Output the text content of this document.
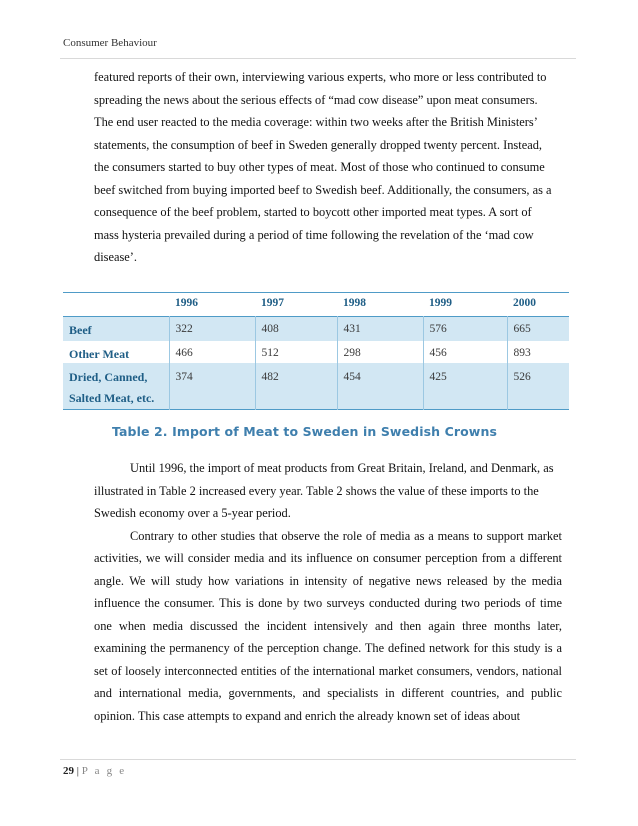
Consumer Behaviour

featured reports of their own, interviewing various experts, who more or less contributed to

spreading the news about the serious effects of “mad cow disease” upon meat consumers.

The end user reacted to the media coverage: within two weeks after the British Ministers’

statements, the consumption of beef in Sweden generally dropped twenty percent. Instead,

the consumers started to buy other types of meat. Most of those who continued to consume

beef switched from buying imported beef to Swedish beef. Additionally, the consumers, as a

consequence of the beef problem, started to boycott other imported meat types. A sort of

mass hysteria prevailed during a period of time following the revelation of the ‘mad cow

disease’.

	1996	1997	1998	1999	2000
Beef	322	408	431	576	665
Other Meat	466	512	298	456	893
Dried, Canned,
Salted Meat, etc.	374	482	454	425	526
Table 2. Import of Meat to Sweden in Swedish Crowns

Until 1996, the import of meat products from Great Britain, Ireland, and Denmark, as

illustrated in Table 2 increased every year. Table 2 shows the value of these imports to the

Swedish economy over a 5-year period.

Contrary to other studies that observe the role of media as a means to support market

activities, we will consider media and its influence on consumer perception from a different

angle. We will study how variations in intensity of negative news released by the media

influence the consumer. This is done by two surveys conducted during two periods of time

one when media discussed the incident intensively and then again three months later,

examining the permanency of the perception change. The defined network for this study is a

set of loosely interconnected entities of the international market consumers, vendors, national

and international media, governments, and specialists in different countries, and public

opinion. This case attempts to expand and enrich the already known set of ideas about

29 | P a g e
